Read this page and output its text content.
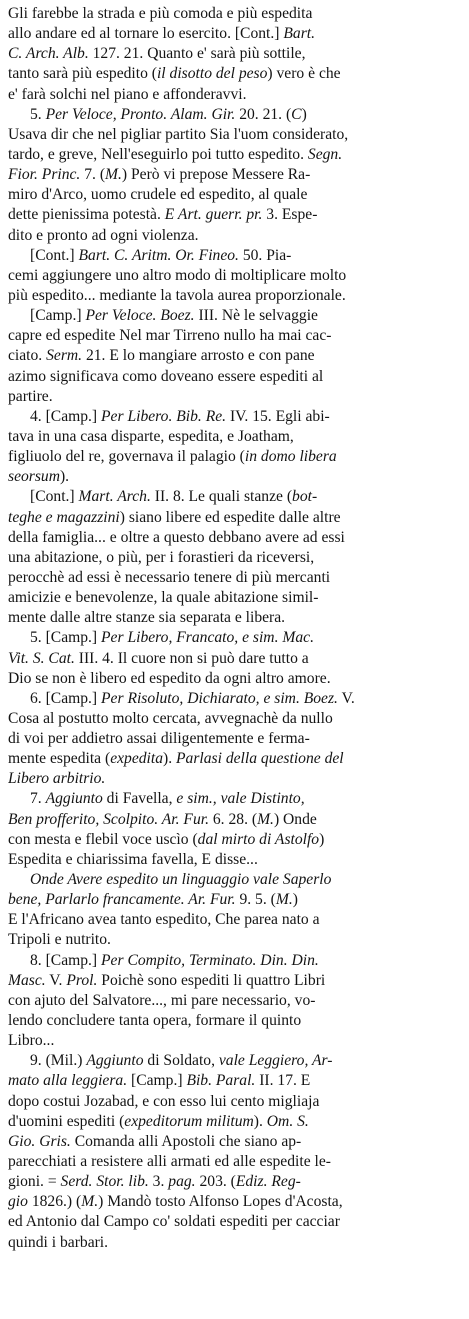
Gli farebbe la strada e più comoda e più espedita
allo andare ed al tornare lo esercito. [Cont.] Bart.
C. Arch. Alb. 127. 21. Quanto e' sarà più sottile,
tanto sarà più espedito (il disotto del peso) vero è che
e' farà solchi nel piano e affonderavvi.
5. Per Veloce, Pronto. Alam. Gir. 20. 21. (C)
Usava dir che nel pigliar partito Sia l'uom considerato,
tardo, e greve, Nell'eseguirlo poi tutto espedito. Segn.
Fior. Princ. 7. (M.) Però vi prepose Messere Ra-
miro d'Arco, uomo crudele ed espedito, al quale
dette pienissima potestà. E Art. guerr. pr. 3. Espe-
dito e pronto ad ogni violenza.
[Cont.] Bart. C. Aritm. Or. Fineo. 50. Pia-
cemi aggiungere uno altro modo di moltiplicare molto
più espedito... mediante la tavola aurea proporzionale.
[Camp.] Per Veloce. Boez. III. Nè le selvaggie
capre ed espedite Nel mar Tirreno nullo ha mai cac-
ciato. Serm. 21. E lo mangiare arrosto e con pane
azimo significava como doveano essere espediti al
partire.
4. [Camp.] Per Libero. Bib. Re. IV. 15. Egli abi-
tava in una casa disparte, espedita, e Joatham,
figliuolo del re, governava il palagio (in domo libera
seorsum).
[Cont.] Mart. Arch. II. 8. Le quali stanze (bot-
teghe e magazzini) siano libere ed espedite dalle altre
della famiglia... e oltre a questo debbano avere ad essi
una abitazione, o più, per i forastieri da riceversi,
perocchè ad essi è necessario tenere di più mercanti
amicizie e benevolenze, la quale abitazione simil-
mente dalle altre stanze sia separata e libera.
5. [Camp.] Per Libero, Francato, e sim. Mac.
Vit. S. Cat. III. 4. Il cuore non si può dare tutto a
Dio se non è libero ed espedito da ogni altro amore.
6. [Camp.] Per Risoluto, Dichiarato, e sim. Boez. V.
Cosa al postutto molto cercata, avvegnachè da nullo
di voi per addietro assai diligentemente e ferma-
mente espedita (expedita). Parlasi della questione del
Libero arbitrio.
7. Aggiunto di Favella, e sim., vale Distinto,
Ben profferito, Scolpito. Ar. Fur. 6. 28. (M.) Onde
con mesta e flebil voce uscìo (dal mirto di Astolfo)
Espedita e chiarissima favella, E disse...
Onde Avere espedito un linguaggio vale Saperlo
bene, Parlarlo francamente. Ar. Fur. 9. 5. (M.)
E l'Africano avea tanto espedito, Che parea nato a
Tripoli e nutrito.
8. [Camp.] Per Compito, Terminato. Din. Din.
Masc. V. Prol. Poichè sono espediti li quattro Libri
con ajuto del Salvatore..., mi pare necessario, vo-
lendo concludere tanta opera, formare il quinto
Libro...
9. (Mil.) Aggiunto di Soldato, vale Leggiero, Ar-
mato alla leggiera. [Camp.] Bib. Paral. II. 17. E
dopo costui Jozabad, e con esso lui cento migliaja
d'uomini espediti (expeditorum militum). Om. S.
Gio. Gris. Comanda alli Apostoli che siano ap-
parecchiati a resistere alli armati ed alle espedite le-
gioni. = Serd. Stor. lib. 3. pag. 203. (Ediz. Reg-
gio 1826.) (M.) Mandò tosto Alfonso Lopes d'Acosta,
ed Antonio dal Campo co' soldati espediti per cacciar
quindi i barbari.
